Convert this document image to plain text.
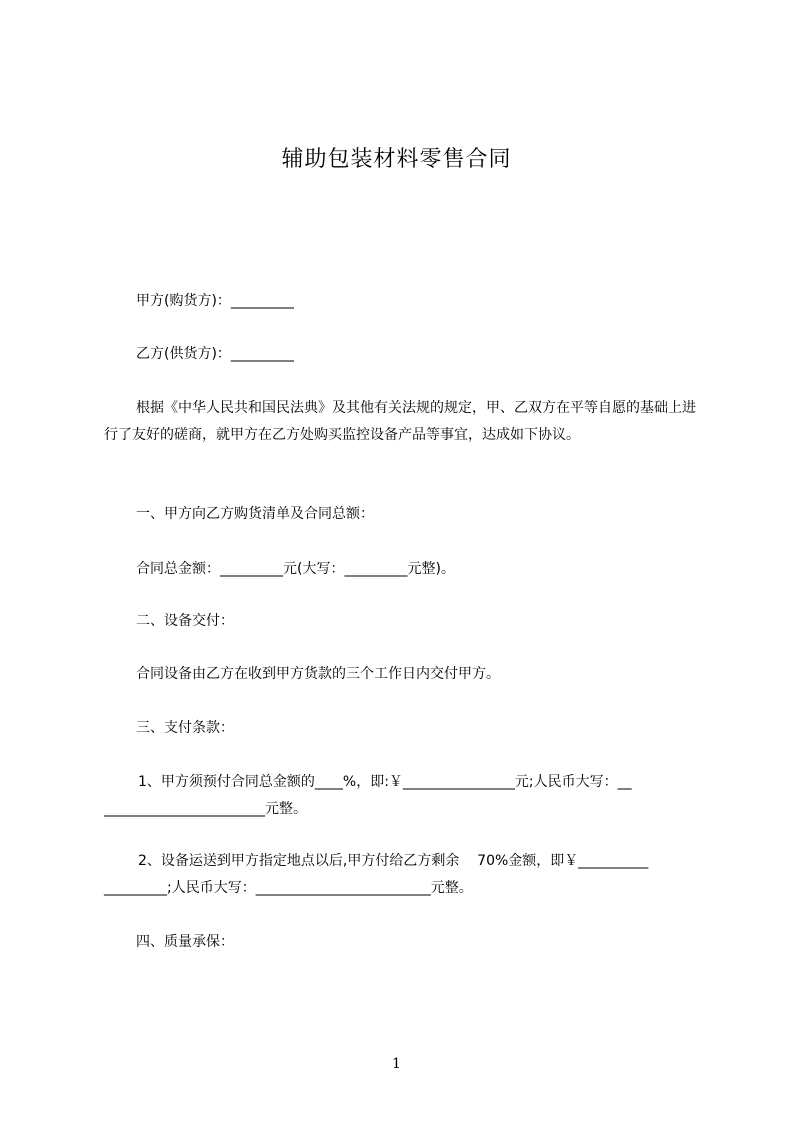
辅助包装材料零售合同
甲方(购货方)：_________
乙方(供货方)：_________
根据《中华人民共和国民法典》及其他有关法规的规定，甲、乙双方在平等自愿的基础上进行了友好的磋商，就甲方在乙方处购买监控设备产品等事宜，达成如下协议。
一、甲方向乙方购货清单及合同总额：
合同总金额：_________元(大写：_________元整)。
二、设备交付：
合同设备由乙方在收到甲方货款的三个工作日内交付甲方。
三、支付条款：
1、甲方须预付合同总金额的____%，即:￥________________元;人民币大写：__
_______________________元整。
2、设备运送到甲方指定地点以后,甲方付给乙方剩余    70%金额，即￥__________
_________;人民币大写：_________________________元整。
四、质量承保：
1
